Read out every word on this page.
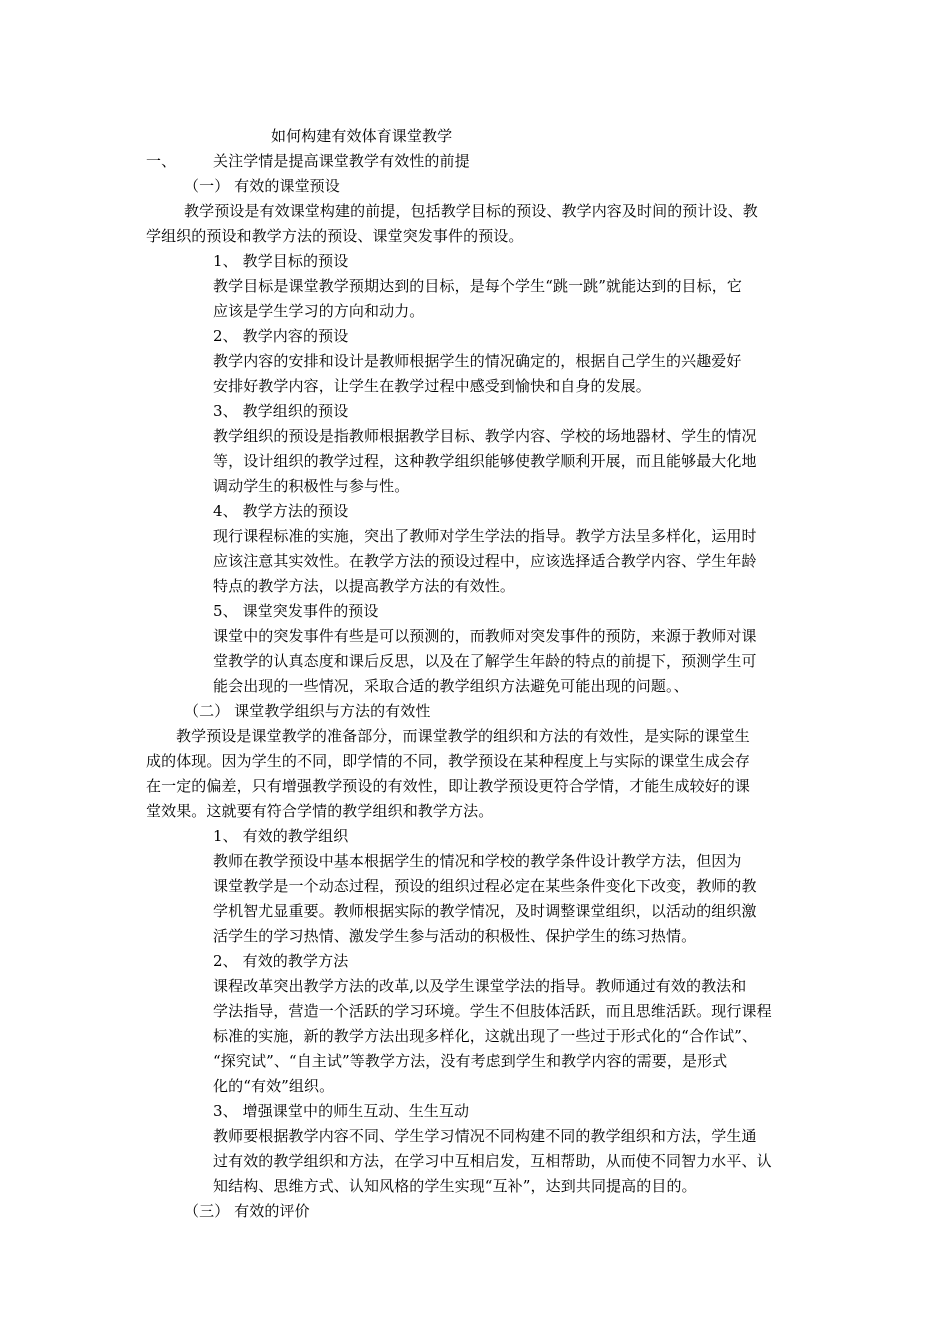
如何构建有效体育课堂教学
一、 关注学情是提高课堂教学有效性的前提
（一） 有效的课堂预设
教学预设是有效课堂构建的前提，包括教学目标的预设、教学内容及时间的预计设、教
学组织的预设和教学方法的预设、课堂突发事件的预设。
1、 教学目标的预设
教学目标是课堂教学预期达到的目标，是每个学生“跳一跳”就能达到的目标，它
应该是学生学习的方向和动力。
2、 教学内容的预设
教学内容的安排和设计是教师根据学生的情况确定的，根据自己学生的兴趣爱好
安排好教学内容，让学生在教学过程中感受到愉快和自身的发展。
3、 教学组织的预设
教学组织的预设是指教师根据教学目标、教学内容、学校的场地器材、学生的情况
等，设计组织的教学过程，这种教学组织能够使教学顺利开展，而且能够最大化地
调动学生的积极性与参与性。
4、 教学方法的预设
现行课程标准的实施，突出了教师对学生学法的指导。教学方法呈多样化，运用时
应该注意其实效性。在教学方法的预设过程中，应该选择适合教学内容、学生年龄
特点的教学方法，以提高教学方法的有效性。
5、 课堂突发事件的预设
课堂中的突发事件有些是可以预测的，而教师对突发事件的预防，来源于教师对课
堂教学的认真态度和课后反思，以及在了解学生年龄的特点的前提下，预测学生可
能会出现的一些情况，采取合适的教学组织方法避免可能出现的问题。、
（二） 课堂教学组织与方法的有效性
教学预设是课堂教学的准备部分，而课堂教学的组织和方法的有效性，是实际的课堂生
成的体现。因为学生的不同，即学情的不同，教学预设在某种程度上与实际的课堂生成会存
在一定的偏差，只有增强教学预设的有效性，即让教学预设更符合学情，才能生成较好的课
堂效果。这就要有符合学情的教学组织和教学方法。
1、 有效的教学组织
教师在教学预设中基本根据学生的情况和学校的教学条件设计教学方法，但因为
课堂教学是一个动态过程，预设的组织过程必定在某些条件变化下改变，教师的教
学机智尤显重要。教师根据实际的教学情况，及时调整课堂组织，以活动的组织激
活学生的学习热情、激发学生参与活动的积极性、保护学生的练习热情。
2、 有效的教学方法
课程改革突出教学方法的改革,以及学生课堂学法的指导。教师通过有效的教法和
学法指导，营造一个活跃的学习环境。学生不但肢体活跃，而且思维活跃。现行课程
标准的实施，新的教学方法出现多样化，这就出现了一些过于形式化的“合作试”、
“探究试”、“自主试”等教学方法，没有考虑到学生和教学内容的需要，是形式
化的“有效”组织。
3、 增强课堂中的师生互动、生生互动
教师要根据教学内容不同、学生学习情况不同构建不同的教学组织和方法，学生通
过有效的教学组织和方法，在学习中互相启发，互相帮助，从而使不同智力水平、认
知结构、思维方式、认知风格的学生实现“互补”，达到共同提高的目的。
（三） 有效的评价
